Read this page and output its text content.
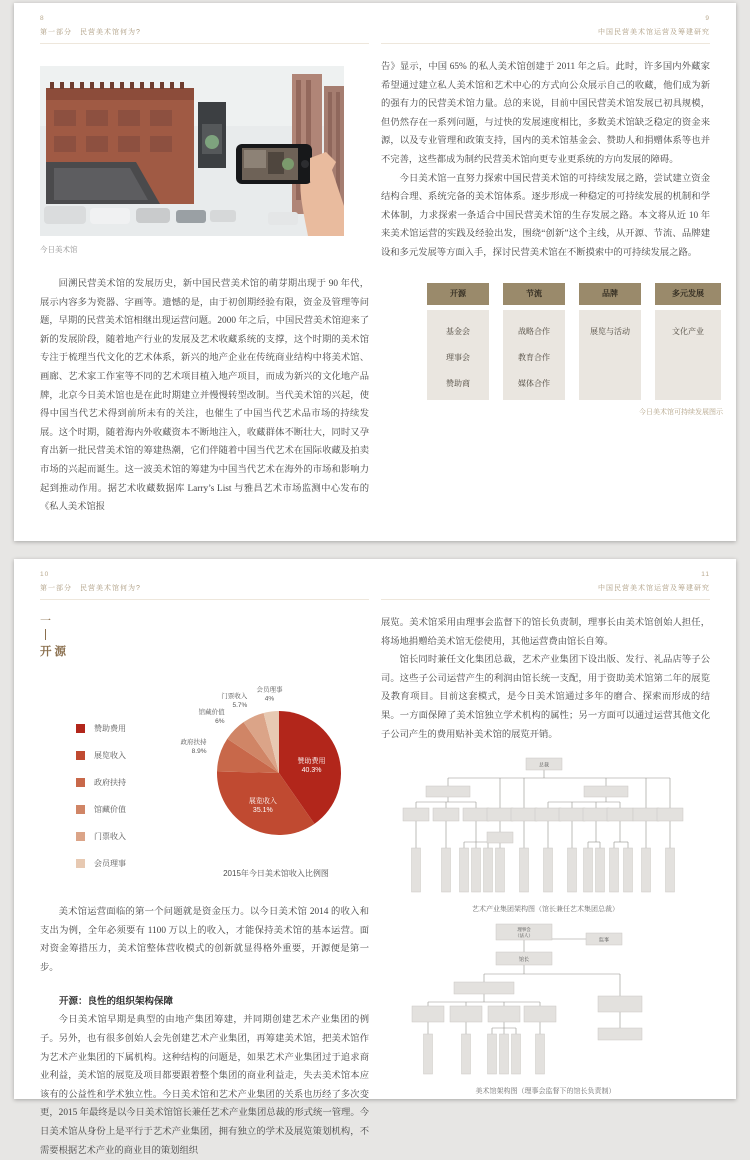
8
第一部分　民营美术馆何为?
今日美术馆
回溯民营美术馆的发展历史，新中国民营美术馆的萌芽期出现于 90 年代，展示内容多为瓷器、字画等。遗憾的是，由于初创期经验有限，资金及管理等问题，早期的民营美术馆相继出现运营问题。2000 年之后，中国民营美术馆迎来了新的发展阶段，随着地产行业的发展及艺术收藏系统的支撑，这个时期的美术馆专注于梳理当代文化的艺术体系，新兴的地产企业在传统商业结构中将美术馆、画廊、艺术家工作室等不同的艺术项目植入地产项目，而成为新兴的文化地产品牌，北京今日美术馆也是在此时期建立并慢慢转型改制。当代美术馆的兴起，使得中国当代艺术得到前所未有的关注，也催生了中国当代艺术品市场的持续发展。这个时期，随着海内外收藏资本不断地注入，收藏群体不断壮大，同时又孕育出新一批民营美术馆的筹建热潮，它们伴随着中国当代艺术在国际收藏及拍卖市场的兴起而诞生。这一波美术馆的筹建为中国当代艺术在海外的市场和影响力起到推动作用。据艺术收藏数据库 Larry’s List 与雅昌艺术市场监测中心发布的《私人美术馆报
9
中国民营美术馆运营及筹建研究
告》显示，中国 65% 的私人美术馆创建于 2011 年之后。此时，许多国内外藏家希望通过建立私人美术馆和艺术中心的方式向公众展示自己的收藏，他们成为新的强有力的民营美术馆力量。总的来说，目前中国民营美术馆发展已初具规模，但仍然存在一系列问题，与过快的发展速度相比，多数美术馆缺乏稳定的资金来源，以及专业管理和政策支持，国内的美术馆基金会、赞助人和捐赠体系等也并不完善，这些都成为制约民营美术馆向更专业更系统的方向发展的障碍。
今日美术馆一直努力探索中国民营美术馆的可持续发展之路，尝试建立资金结构合理、系统完备的美术馆体系。逐步形成一种稳定的可持续发展的机制和学术体制，力求探索一条适合中国民营美术馆的生存发展之路。本文将从近 10 年来美术馆运营的实践及经验出发，围绕“创新”这个主线，从开源、节流、品牌建设和多元发展等方面入手，探讨民营美术馆在不断摸索中的可持续发展之路。
开源	节流	品牌	多元发展
基金会
理事会
赞助商
战略合作
教育合作
媒体合作
展览与活动	文化产业
今日美术馆可持续发展图示
10
第一部分　民营美术馆何为?
一
开源
赞助费用
展览收入
政府扶持
馆藏价值
门票收入
会员理事
赞助费用 40.3%
展览收入 35.1%
政府扶持 8.9%
馆藏价值 6%
门票收入 5.7%
会员理事 4%
2015年今日美术馆收入比例图
美术馆运营面临的第一个问题就是资金压力。以今日美术馆 2014 的收入和支出为例，全年必须要有 1100 万以上的收入，才能保持美术馆的基本运营。面对资金筹措压力，美术馆整体营收模式的创新就显得格外重要，开源便是第一步。
开源：良性的组织架构保障
今日美术馆早期是典型的由地产集团筹建，并同期创建艺术产业集团的例子。另外，也有很多创始人会先创建艺术产业集团，再筹建美术馆，把美术馆作为艺术产业集团的下属机构。这种结构的问题是，如果艺术产业集团过于追求商业利益，美术馆的展览及项目都要跟着整个集团的商业利益走，失去美术馆本应该有的公益性和学术独立性。今日美术馆和艺术产业集团的关系也历经了多次变更，2015 年最终是以今日美术馆馆长兼任艺术产业集团总裁的形式统一管理。今日美术馆从身份上是平行于艺术产业集团，拥有独立的学术及展览策划机构，不需要根据艺术产业的商业目的策划组织
11
中国民营美术馆运营及筹建研究
展览。美术馆采用由理事会监督下的馆长负责制，理事长由美术馆创始人担任，将场地捐赠给美术馆无偿使用，其他运营费由馆长自筹。
馆长同时兼任文化集团总裁，艺术产业集团下设出版、发行、礼品店等子公司。这些子公司运营产生的利润由馆长统一支配，用于资助美术馆第二年的展览及教育项目。目前这套模式，是今日美术馆通过多年的磨合、探索而形成的结果。一方面保障了美术馆独立学术机构的属性；另一方面可以通过运营其他文化子公司产生的费用贴补美术馆的展览开销。
总裁
艺术产业集团架构图（馆长兼任艺术集团总裁）
理事会
（法人）
监事
馆长
美术馆架构图（理事会监督下的馆长负责制）
